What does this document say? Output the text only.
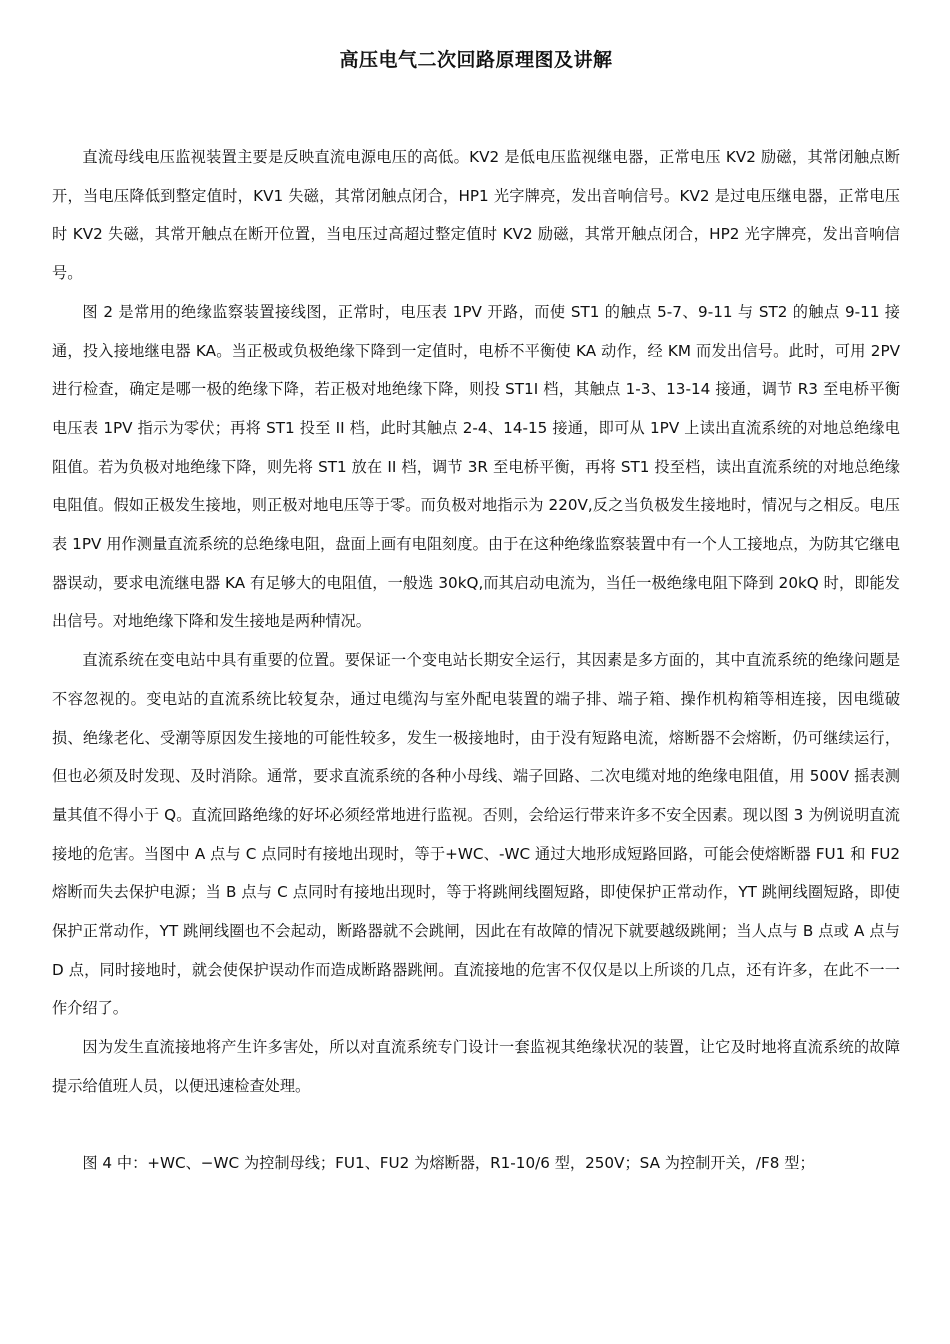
高压电气二次回路原理图及讲解

直流母线电压监视装置主要是反映直流电源电压的高低。KV2 是低电压监视继电器，正常电压 KV2 励磁，其常闭触点断开，当电压降低到整定值时，KV1 失磁，其常闭触点闭合，HP1 光字牌亮，发出音响信号。KV2 是过电压继电器，正常电压时 KV2 失磁，其常开触点在断开位置，当电压过高超过整定值时 KV2 励磁，其常开触点闭合，HP2 光字牌亮，发出音响信号。

图 2 是常用的绝缘监察装置接线图，正常时，电压表 1PV 开路，而使 ST1 的触点 5-7、9-11 与 ST2 的触点 9-11 接通，投入接地继电器 KA。当正极或负极绝缘下降到一定值时，电桥不平衡使 KA 动作，经 KM 而发出信号。此时，可用 2PV 进行检查，确定是哪一极的绝缘下降，若正极对地绝缘下降，则投 ST1I 档，其触点 1-3、13-14 接通，调节 R3 至电桥平衡电压表 1PV 指示为零伏；再将 ST1 投至 II 档，此时其触点 2-4、14-15 接通，即可从 1PV 上读出直流系统的对地总绝缘电阻值。若为负极对地绝缘下降，则先将 ST1 放在 II 档，调节 3R 至电桥平衡，再将 ST1 投至档，读出直流系统的对地总绝缘电阻值。假如正极发生接地，则正极对地电压等于零。而负极对地指示为 220V,反之当负极发生接地时，情况与之相反。电压表 1PV 用作测量直流系统的总绝缘电阻，盘面上画有电阻刻度。由于在这种绝缘监察装置中有一个人工接地点，为防其它继电器误动，要求电流继电器 KA 有足够大的电阻值，一般选 30kQ,而其启动电流为，当任一极绝缘电阻下降到 20kQ 时，即能发出信号。对地绝缘下降和发生接地是两种情况。

直流系统在变电站中具有重要的位置。要保证一个变电站长期安全运行，其因素是多方面的，其中直流系统的绝缘问题是不容忽视的。变电站的直流系统比较复杂，通过电缆沟与室外配电装置的端子排、端子箱、操作机构箱等相连接，因电缆破损、绝缘老化、受潮等原因发生接地的可能性较多，发生一极接地时，由于没有短路电流，熔断器不会熔断，仍可继续运行，但也必须及时发现、及时消除。通常，要求直流系统的各种小母线、端子回路、二次电缆对地的绝缘电阻值，用 500V 摇表测量其值不得小于 Q。直流回路绝缘的好坏必须经常地进行监视。否则，会给运行带来许多不安全因素。现以图 3 为例说明直流接地的危害。当图中 A 点与 C 点同时有接地出现时，等于+WC、-WC 通过大地形成短路回路，可能会使熔断器 FU1 和 FU2 熔断而失去保护电源；当 B 点与 C 点同时有接地出现时，等于将跳闸线圈短路，即使保护正常动作，YT 跳闸线圈短路，即使保护正常动作，YT 跳闸线圈也不会起动，断路器就不会跳闸，因此在有故障的情况下就要越级跳闸；当人点与 B 点或 A 点与 D 点，同时接地时，就会使保护误动作而造成断路器跳闸。直流接地的危害不仅仅是以上所谈的几点，还有许多，在此不一一作介绍了。

因为发生直流接地将产生许多害处，所以对直流系统专门设计一套监视其绝缘状况的装置，让它及时地将直流系统的故障提示给值班人员，以便迅速检查处理。

图 4 中：+WC、−WC 为控制母线；FU1、FU2 为熔断器，R1-10/6 型，250V；SA 为控制开关，/F8 型；
